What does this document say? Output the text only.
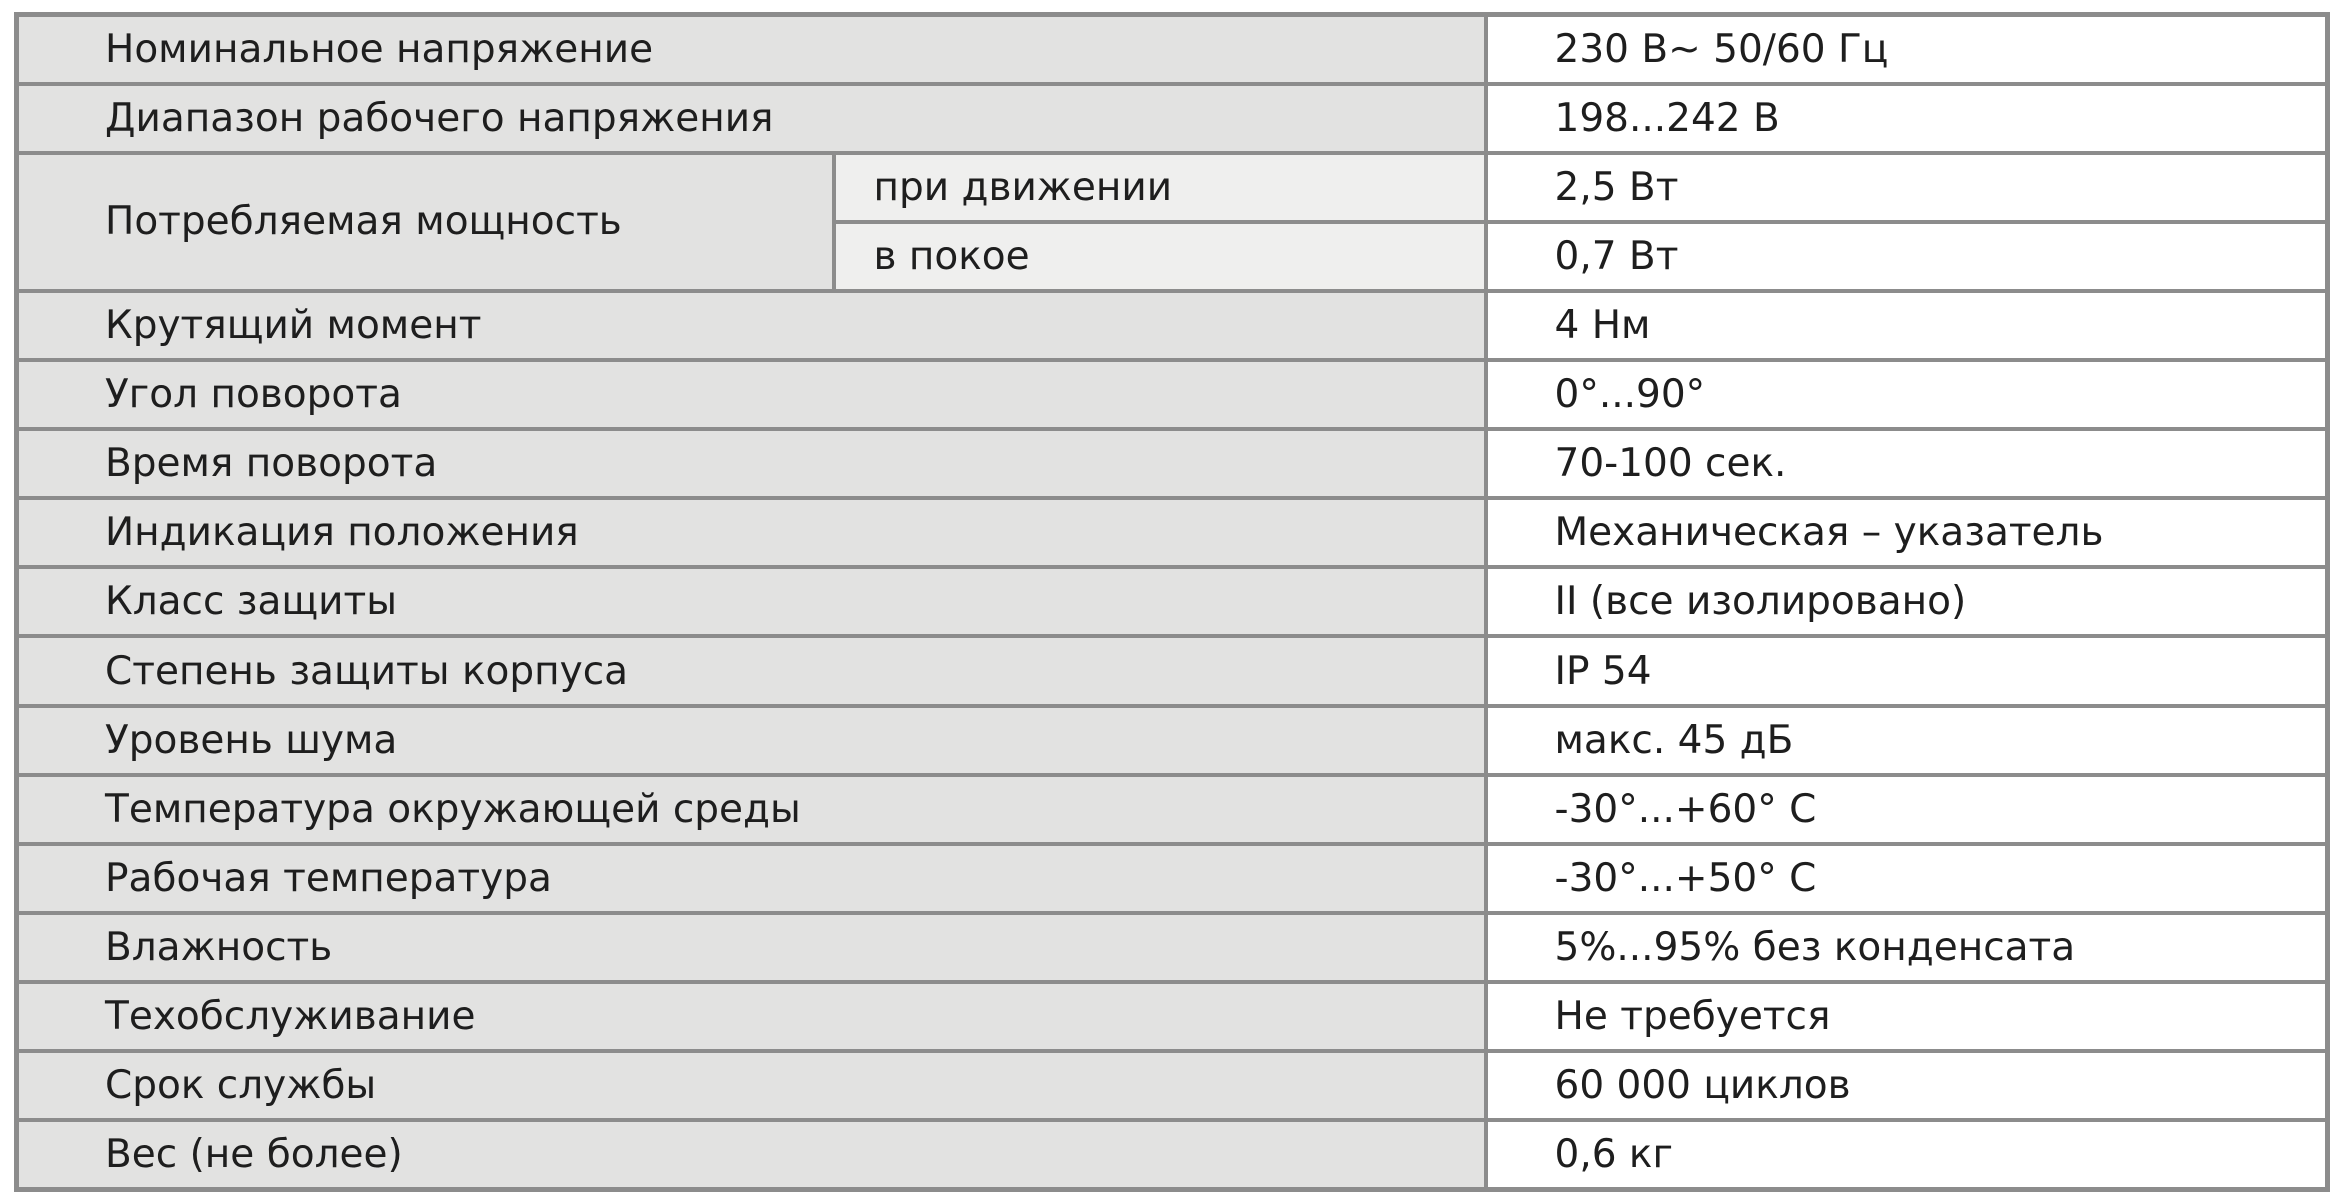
Номинальное напряжение		230 В~ 50/60 Гц
Диапазон рабочего напряжения		198...242 В
Потребляемая мощность	при движении	2,5 Вт
	в покое	0,7 Вт
Крутящий момент		4 Нм
Угол поворота		0°...90°
Время поворота		70-100 сек.
Индикация положения		Механическая – указатель
Класс защиты		II (все изолировано)
Степень защиты корпуса		IP 54
Уровень шума		макс. 45 дБ
Температура окружающей среды		-30°...+60° С
Рабочая температура		-30°...+50° С
Влажность		5%...95% без конденсата
Техобслуживание		Не требуется
Срок службы		60 000 циклов
Вес (не более)		0,6 кг
